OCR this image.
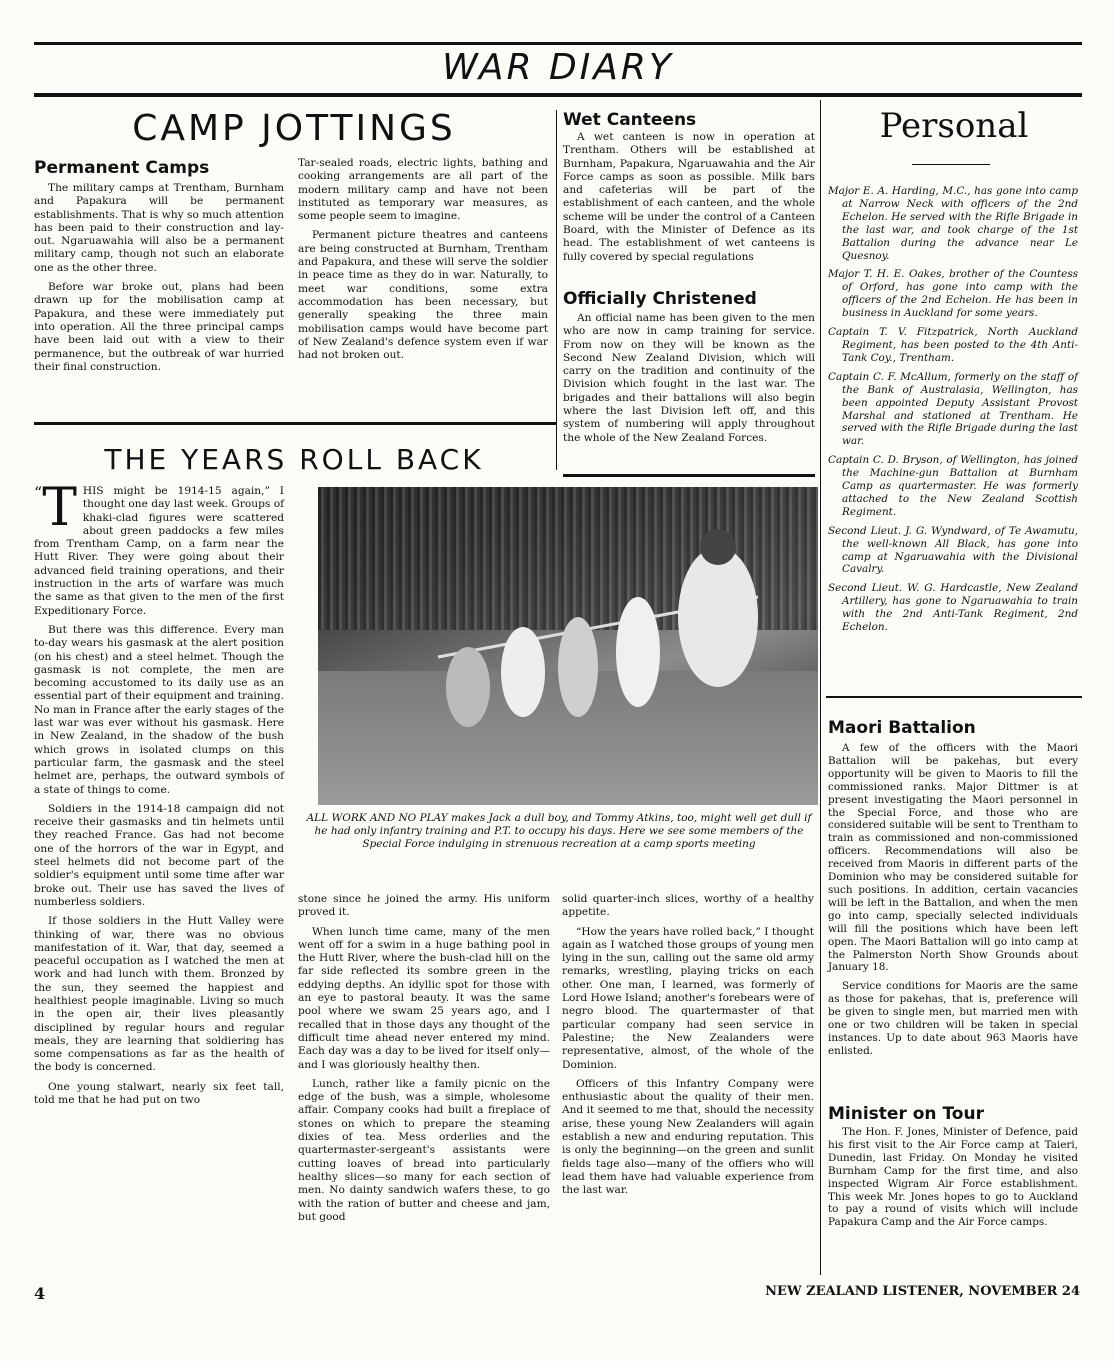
WAR DIARY
CAMP JOTTINGS
Permanent Camps

The military camps at Trentham, Burnham and Papakura will be permanent establishments. That is why so much attention has been paid to their construction and lay-out. Ngaruawahia will also be a permanent military camp, though not such an elaborate one as the other three.

Before war broke out, plans had been drawn up for the mobilisation camp at Papakura, and these were immediately put into operation. All the three principal camps have been laid out with a view to their permanence, but the outbreak of war hurried their final construction.

Tar-sealed roads, electric lights, bathing and cooking arrangements are all part of the modern military camp and have not been instituted as temporary war measures, as some people seem to imagine.

Permanent picture theatres and canteens are being constructed at Burnham, Trentham and Papakura, and these will serve the soldier in peace time as they do in war. Naturally, to meet war conditions, some extra accommodation has been necessary, but generally speaking the three main mobilisation camps would have become part of New Zealand's defence system even if war had not broken out.

Wet Canteens

A wet canteen is now in operation at Trentham. Others will be established at Burnham, Papakura, Ngaruawahia and the Air Force camps as soon as possible. Milk bars and cafeterias will be part of the establishment of each canteen, and the whole scheme will be under the control of a Canteen Board, with the Minister of Defence as its head. The establishment of wet canteens is fully covered by special regulations

Officially Christened

An official name has been given to the men who are now in camp training for service. From now on they will be known as the Second New Zealand Division, which will carry on the tradition and continuity of the Division which fought in the last war. The brigades and their battalions will also begin where the last Division left off, and this system of numbering will apply throughout the whole of the New Zealand Forces.

Personal

Major E. A. Harding, M.C., has gone into camp at Narrow Neck with officers of the 2nd Echelon. He served with the Rifle Brigade in the last war, and took charge of the 1st Battalion during the advance near Le Quesnoy.

Major T. H. E. Oakes, brother of the Countess of Orford, has gone into camp with the officers of the 2nd Echelon. He has been in business in Auckland for some years.

Captain T. V. Fitzpatrick, North Auckland Regiment, has been posted to the 4th Anti-Tank Coy., Trentham.

Captain C. F. McAllum, formerly on the staff of the Bank of Australasia, Wellington, has been appointed Deputy Assistant Provost Marshal and stationed at Trentham. He served with the Rifle Brigade during the last war.

Captain C. D. Bryson, of Wellington, has joined the Machine-gun Battalion at Burnham Camp as quartermaster. He was formerly attached to the New Zealand Scottish Regiment.

Second Lieut. J. G. Wyndward, of Te Awamutu, the well-known All Black, has gone into camp at Ngaruawahia with the Divisional Cavalry.

Second Lieut. W. G. Hardcastle, New Zealand Artillery, has gone to Ngaruawahia to train with the 2nd Anti-Tank Regiment, 2nd Echelon.

Maori Battalion

A few of the officers with the Maori Battalion will be pakehas, but every opportunity will be given to Maoris to fill the commissioned ranks. Major Dittmer is at present investigating the Maori personnel in the Special Force, and those who are considered suitable will be sent to Trentham to train as commissioned and non-commissioned officers. Recommendations will also be received from Maoris in different parts of the Dominion who may be considered suitable for such positions. In addition, certain vacancies will be left in the Battalion, and when the men go into camp, specially selected individuals will fill the positions which have been left open. The Maori Battalion will go into camp at the Palmerston North Show Grounds about January 18.

Service conditions for Maoris are the same as those for pakehas, that is, preference will be given to single men, but married men with one or two children will be taken in special instances. Up to date about 963 Maoris have enlisted.

Minister on Tour

The Hon. F. Jones, Minister of Defence, paid his first visit to the Air Force camp at Taieri, Dunedin, last Friday. On Monday he visited Burnham Camp for the first time, and also inspected Wigram Air Force establishment. This week Mr. Jones hopes to go to Auckland to pay a round of visits which will include Papakura Camp and the Air Force camps.

THE YEARS ROLL BACK

“ T HIS might be 1914-15 again,” I thought one day last week. Groups of khaki-clad figures were scattered about green paddocks a few miles from Trentham Camp, on a farm near the Hutt River. They were going about their advanced field training operations, and their instruction in the arts of warfare was much the same as that given to the men of the first Expeditionary Force.

But there was this difference. Every man to-day wears his gasmask at the alert position (on his chest) and a steel helmet. Though the gasmask is not complete, the men are becoming accustomed to its daily use as an essential part of their equipment and training. No man in France after the early stages of the last war was ever without his gasmask. Here in New Zealand, in the shadow of the bush which grows in isolated clumps on this particular farm, the gasmask and the steel helmet are, perhaps, the outward symbols of a state of things to come.

Soldiers in the 1914-18 campaign did not receive their gasmasks and tin helmets until they reached France. Gas had not become one of the horrors of the war in Egypt, and steel helmets did not become part of the soldier's equipment until some time after war broke out. Their use has saved the lives of numberless soldiers.

If those soldiers in the Hutt Valley were thinking of war, there was no obvious manifestation of it. War, that day, seemed a peaceful occupation as I watched the men at work and had lunch with them. Bronzed by the sun, they seemed the happiest and healthiest people imaginable. Living so much in the open air, their lives pleasantly disciplined by regular hours and regular meals, they are learning that soldiering has some compensations as far as the health of the body is concerned.

One young stalwart, nearly six feet tall, told me that he had put on two

ALL WORK AND NO PLAY makes Jack a dull boy, and Tommy Atkins, too, might well get dull if he had only infantry training and P.T. to occupy his days. Here we see some members of the Special Force indulging in strenuous recreation at a camp sports meeting

stone since he joined the army. His uniform proved it.

When lunch time came, many of the men went off for a swim in a huge bathing pool in the Hutt River, where the bush-clad hill on the far side reflected its sombre green in the eddying depths. An idyllic spot for those with an eye to pastoral beauty. It was the same pool where we swam 25 years ago, and I recalled that in those days any thought of the difficult time ahead never entered my mind. Each day was a day to be lived for itself only—and I was gloriously healthy then.

Lunch, rather like a family picnic on the edge of the bush, was a simple, wholesome affair. Company cooks had built a fireplace of stones on which to prepare the steaming dixies of tea. Mess orderlies and the quartermaster-sergeant's assistants were cutting loaves of bread into particularly healthy slices—so many for each section of men. No dainty sandwich wafers these, to go with the ration of butter and cheese and jam, but good

solid quarter-inch slices, worthy of a healthy appetite.

“How the years have rolled back,” I thought again as I watched those groups of young men lying in the sun, calling out the same old army remarks, wrestling, playing tricks on each other. One man, I learned, was formerly of Lord Howe Island; another's forebears were of negro blood. The quartermaster of that particular company had seen service in Palestine; the New Zealanders were representative, almost, of the whole of the Dominion.

Officers of this Infantry Company were enthusiastic about the quality of their men. And it seemed to me that, should the necessity arise, these young New Zealanders will again establish a new and enduring reputation. This is only the beginning—on the green and sunlit fields tage also—many of the offiers who will lead them have had valuable experience from the last war.

4	NEW ZEALAND LISTENER, NOVEMBER 24
